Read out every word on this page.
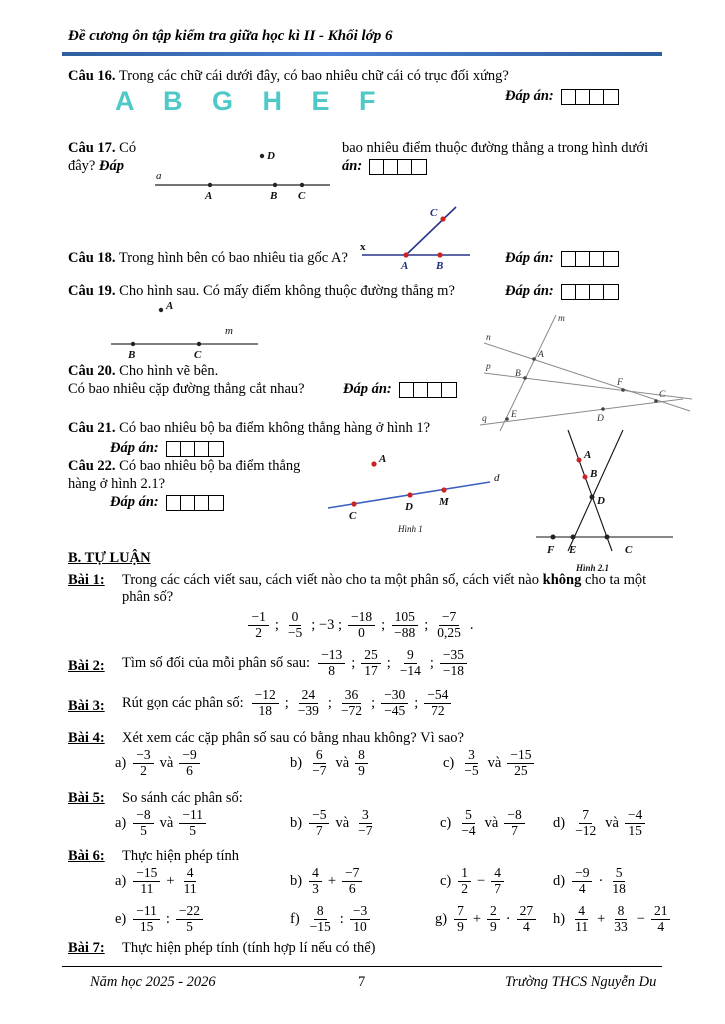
Đề cương ôn tập kiểm tra giữa học kì II - Khối lớp 6
Câu 16. Trong các chữ cái dưới đây, có bao nhiêu chữ cái có trục đối xứng?
Đáp án:
A B G H E F
Câu 17. Có	bao nhiêu điểm thuộc đường thẳng a trong hình dưới
đây? Đáp	án:
D
a
A	B C
x
A	B
C
Câu 18. Trong hình bên có bao nhiêu tia gốc A?	Đáp án:
Câu 19. Cho hình sau. Có mấy điểm không thuộc đường thẳng m?	Đáp án:
A
m
B	C
m
n
p
q
A
B
E
F
D
C
Câu 20. Cho hình vẽ bên.
Có bao nhiêu cặp đường thẳng cắt nhau?	Đáp án:
Câu 21. Có bao nhiêu bộ ba điểm không thẳng hàng ở hình 1?
Đáp án:
Câu 22. Có bao nhiêu bộ ba điểm thẳng
hàng ở hình 2.1?
Đáp án:
A
d
C
D M
Hình 1
A
B
D
F E	C
Hình 2.1
B. TỰ LUẬN
Bài 1: Trong các cách viết sau, cách viết nào cho ta một phân số, cách viết nào không cho ta một phân số?
$\frac{-1}{2}$ ; $\frac{0}{-5}$ ; −3 ; $\frac{-18}{0}$ ; $\frac{105}{-88}$ ; $\frac{-7}{0,25}$ .
Bài 2: Tìm số đối của mỗi phân số sau: $\frac{-13}{8}$ ; $\frac{25}{17}$ ; $\frac{9}{-14}$ ; $\frac{-35}{-18}$
Bài 3: Rút gọn các phân số: $\frac{-12}{18}$ ; $\frac{24}{-39}$ ; $\frac{36}{-72}$ ; $\frac{-30}{-45}$ ; $\frac{-54}{72}$
Bài 4: Xét xem các cặp phân số sau có bằng nhau không? Vì sao?
$a) \frac{-3}{2}$ và $\frac{-9}{6}$	$b) \frac{6}{-7}$ và $\frac{8}{9}$	$c) \frac{3}{-5}$ và $\frac{-15}{25}$
Bài 5: So sánh các phân số:
$a) \frac{-8}{5}$ và $\frac{-11}{5}$	$b) \frac{-5}{7}$ và $\frac{3}{-7}$	$c) \frac{5}{-4}$ và $\frac{-8}{7} d) \frac{7}{-12}$ và $\frac{-4}{15}$
Bài 6: Thực hiện phép tính
$a) \frac{-15}{11} + \frac{4}{11}$	$b) \frac{4}{3} + \frac{-7}{6}$	$c) \frac{1}{2} - \frac{4}{7}$	$d) \frac{-9}{4} \cdot \frac{5}{18}$
$e) \frac{-11}{15}$ : $\frac{-22}{5}$	$f) \frac{8}{-15}$ : $\frac{-3}{10}$	$g) \frac{7}{9} + \frac{2}{9} \cdot \frac{27}{4} h) \frac{4}{11} + \frac{8}{33} - \frac{21}{4}$
Bài 7: Thực hiện phép tính (tính hợp lí nếu có thể)
Năm học 2025 - 2026	7	Trường THCS Nguyễn Du
